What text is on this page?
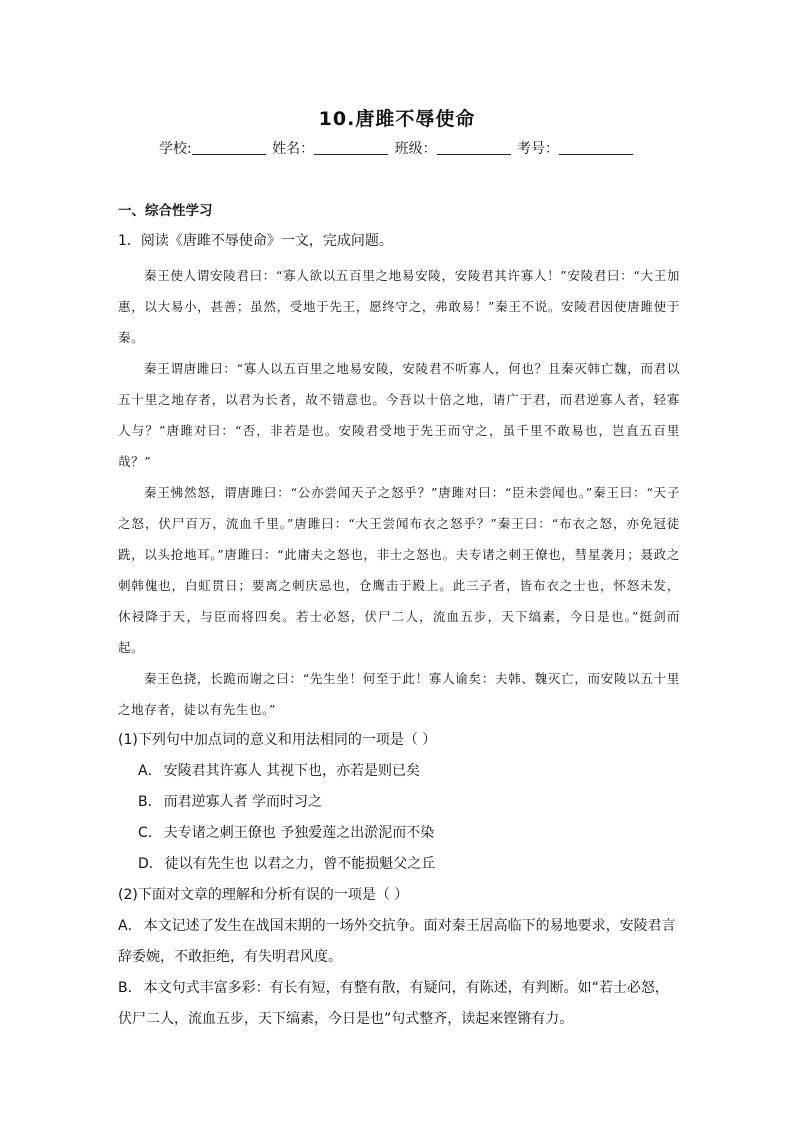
10.唐雎不辱使命
学校:	姓名：	班级：	考号：
一、综合性学习
1．阅读《唐雎不辱使命》一文，完成问题。

秦王使人谓安陵君曰：“寡人欲以五百里之地易安陵，安陵君其许寡人！”安陵君曰：“大王加惠，以大易小，甚善；虽然，受地于先王，愿终守之，弗敢易！”秦王不说。安陵君因使唐雎使于秦。

秦王谓唐雎曰：“寡人以五百里之地易安陵，安陵君不听寡人，何也？且秦灭韩亡魏，而君以五十里之地存者，以君为长者，故不错意也。今吾以十倍之地，请广于君，而君逆寡人者，轻寡人与？”唐雎对曰：“否，非若是也。安陵君受地于先王而守之，虽千里不敢易也，岂直五百里哉？”

秦王怫然怒，谓唐雎曰：“公亦尝闻天子之怒乎？”唐雎对曰：“臣未尝闻也。”秦王曰：“天子之怒，伏尸百万，流血千里。”唐雎曰：“大王尝闻布衣之怒乎？”秦王曰：“布衣之怒，亦免冠徒跣，以头抢地耳。”唐雎曰：“此庸夫之怒也，非士之怒也。夫专诸之刺王僚也，彗星袭月；聂政之刺韩傀也，白虹贯日；要离之刺庆忌也，仓鹰击于殿上。此三子者，皆布衣之士也，怀怒未发，休祲降于天，与臣而将四矣。若士必怒，伏尸二人，流血五步，天下缟素，今日是也。”挺剑而起。

秦王色挠，长跪而谢之曰：“先生坐！何至于此！寡人谕矣：夫韩、魏灭亡，而安陵以五十里之地存者，徒以有先生也。”

(1)下列句中加点词的意义和用法相同的一项是（ ）
A． 安陵君其许寡人 其视下也，亦若是则已矣
B． 而君逆寡人者 学而时习之
C． 夫专诸之刺王僚也 予独爱莲之出淤泥而不染
D． 徒以有先生也 以君之力，曾不能损魁父之丘
(2)下面对文章的理解和分析有误的一项是（ ）
A． 本文记述了发生在战国末期的一场外交抗争。面对秦王居高临下的易地要求，安陵君言辞委婉，不敢拒绝，有失明君风度。
B． 本文句式丰富多彩：有长有短，有整有散，有疑问，有陈述，有判断。如“若士必怒，伏尸二人，流血五步，天下缟素，今日是也”句式整齐，读起来铿锵有力。
